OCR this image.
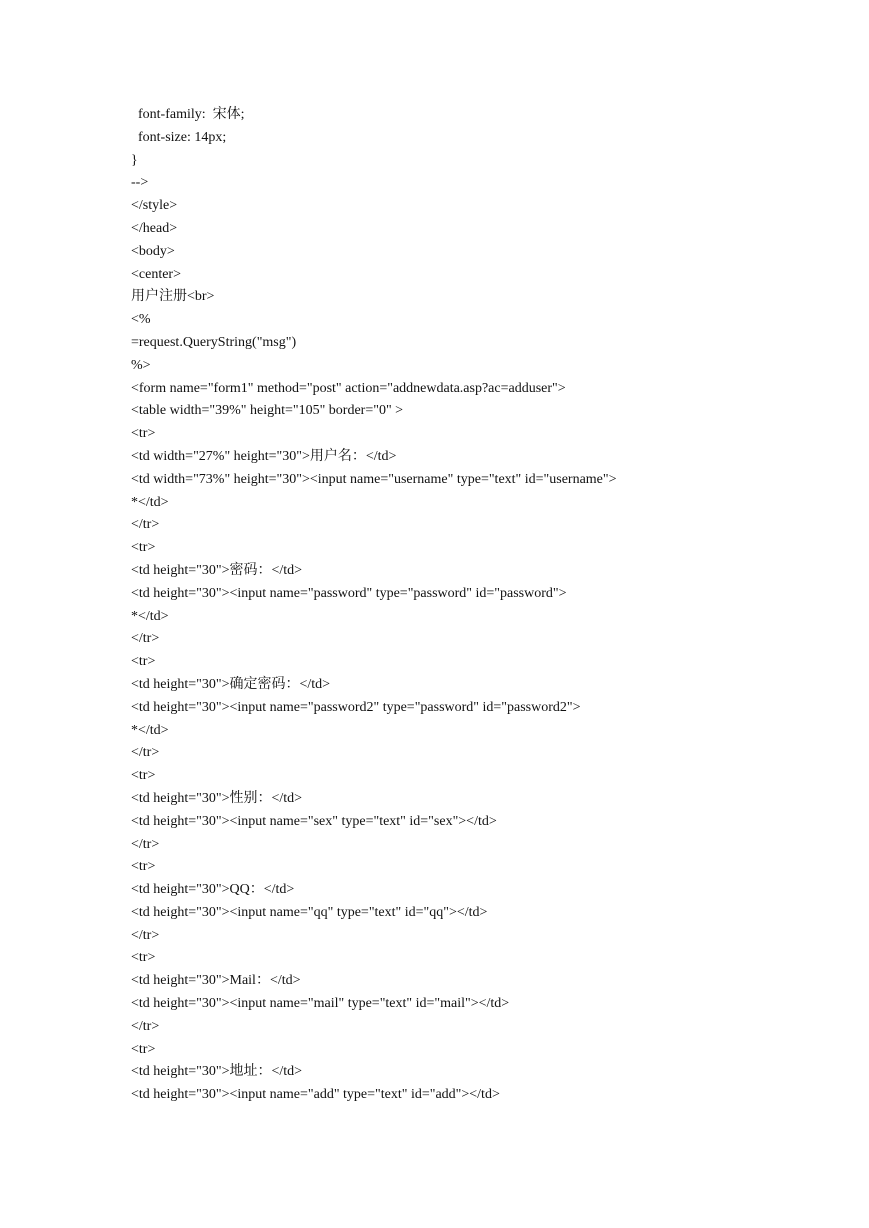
font-family:  宋体;
font-size: 14px;
}
-->
</style>
</head>
<body>
<center>
用户注册<br>
<%
=request.QueryString("msg")
%>
<form name="form1" method="post" action="addnewdata.asp?ac=adduser">
<table width="39%" height="105" border="0" >
<tr>
<td width="27%" height="30">用户名：</td>
<td width="73%" height="30"><input name="username" type="text" id="username">
*</td>
</tr>
<tr>
<td height="30">密码：</td>
<td height="30"><input name="password" type="password" id="password">
*</td>
</tr>
<tr>
<td height="30">确定密码：</td>
<td height="30"><input name="password2" type="password" id="password2">
*</td>
</tr>
<tr>
<td height="30">性别：</td>
<td height="30"><input name="sex" type="text" id="sex"></td>
</tr>
<tr>
<td height="30">QQ：</td>
<td height="30"><input name="qq" type="text" id="qq"></td>
</tr>
<tr>
<td height="30">Mail：</td>
<td height="30"><input name="mail" type="text" id="mail"></td>
</tr>
<tr>
<td height="30">地址：</td>
<td height="30"><input name="add" type="text" id="add"></td>
